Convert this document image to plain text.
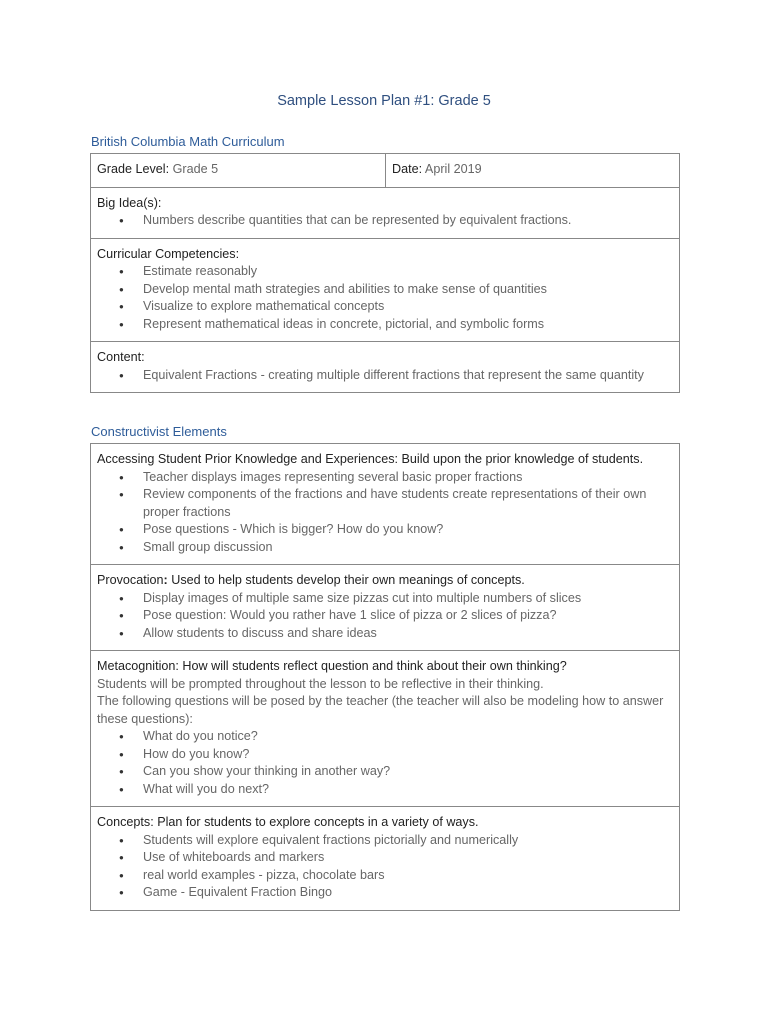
Sample Lesson Plan #1: Grade 5
British Columbia Math Curriculum
Grade Level: Grade 5	Date: April 2019

Big Idea(s):
● Numbers describe quantities that can be represented by equivalent fractions.

Curricular Competencies:
● Estimate reasonably
● Develop mental math strategies and abilities to make sense of quantities
● Visualize to explore mathematical concepts
● Represent mathematical ideas in concrete, pictorial, and symbolic forms

Content:
● Equivalent Fractions - creating multiple different fractions that represent the same quantity
Constructivist Elements
Accessing Student Prior Knowledge and Experiences: Build upon the prior knowledge of students.
● Teacher displays images representing several basic proper fractions
● Review components of the fractions and have students create representations of their own proper fractions
● Pose questions - Which is bigger? How do you know?
● Small group discussion

Provocation: Used to help students develop their own meanings of concepts.
● Display images of multiple same size pizzas cut into multiple numbers of slices
● Pose question: Would you rather have 1 slice of pizza or 2 slices of pizza?
● Allow students to discuss and share ideas

Metacognition: How will students reflect question and think about their own thinking?
Students will be prompted throughout the lesson to be reflective in their thinking.
The following questions will be posed by the teacher (the teacher will also be modeling how to answer these questions):
● What do you notice?
● How do you know?
● Can you show your thinking in another way?
● What will you do next?

Concepts: Plan for students to explore concepts in a variety of ways.
● Students will explore equivalent fractions pictorially and numerically
● Use of whiteboards and markers
● real world examples - pizza, chocolate bars
● Game - Equivalent Fraction Bingo
